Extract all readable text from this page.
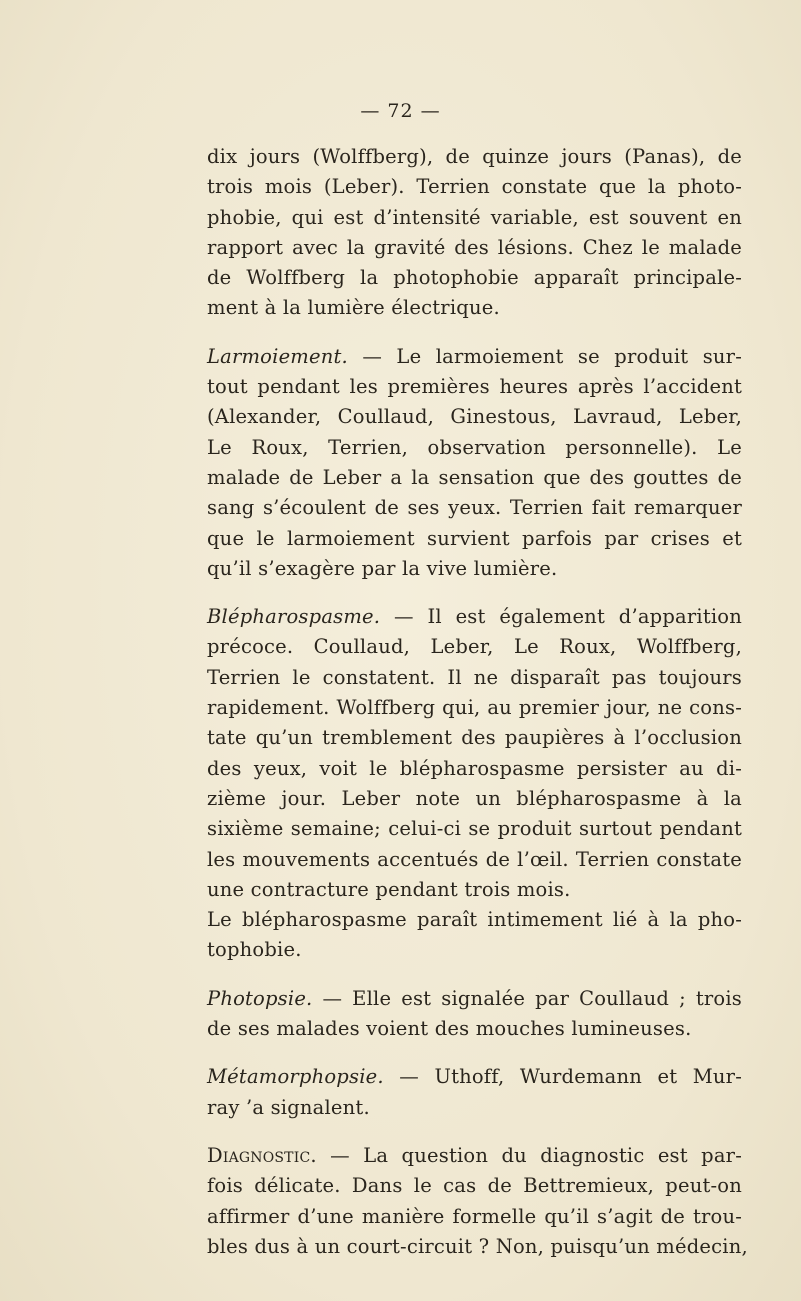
— 72 —

dix jours (Wolffberg), de quinze jours (Panas), de
trois mois (Leber). Terrien constate que la photo-
phobie, qui est d’intensité variable, est souvent en
rapport avec la gravité des lésions. Chez le malade
de Wolffberg la photophobie apparaît principale-
ment à la lumière électrique.

Larmoiement. — Le larmoiement se produit sur-
tout pendant les premières heures après l’accident
(Alexander, Coullaud, Ginestous, Lavraud, Leber,
Le Roux, Terrien, observation personnelle). Le
malade de Leber a la sensation que des gouttes de
sang s’écoulent de ses yeux. Terrien fait remarquer
que le larmoiement survient parfois par crises et
qu’il s’exagère par la vive lumière.

Blépharospasme. — Il est également d’apparition
précoce. Coullaud, Leber, Le Roux, Wolffberg,
Terrien le constatent. Il ne disparaît pas toujours
rapidement. Wolffberg qui, au premier jour, ne cons-
tate qu’un tremblement des paupières à l’occlusion
des yeux, voit le blépharospasme persister au di-
zième jour. Leber note un blépharospasme à la
sixième semaine; celui-ci se produit surtout pendant
les mouvements accentués de l’œil. Terrien constate
une contracture pendant trois mois.
Le blépharospasme paraît intimement lié à la pho-
tophobie.

Photopsie. — Elle est signalée par Coullaud ; trois
de ses malades voient des mouches lumineuses.

Métamorphopsie. — Uthoff, Wurdemann et Mur-
ray ’a signalent.

Diagnostic. — La question du diagnostic est par-
fois délicate. Dans le cas de Bettremieux, peut-on
affirmer d’une manière formelle qu’il s’agit de trou-
bles dus à un court-circuit ? Non, puisqu’un médecin,
